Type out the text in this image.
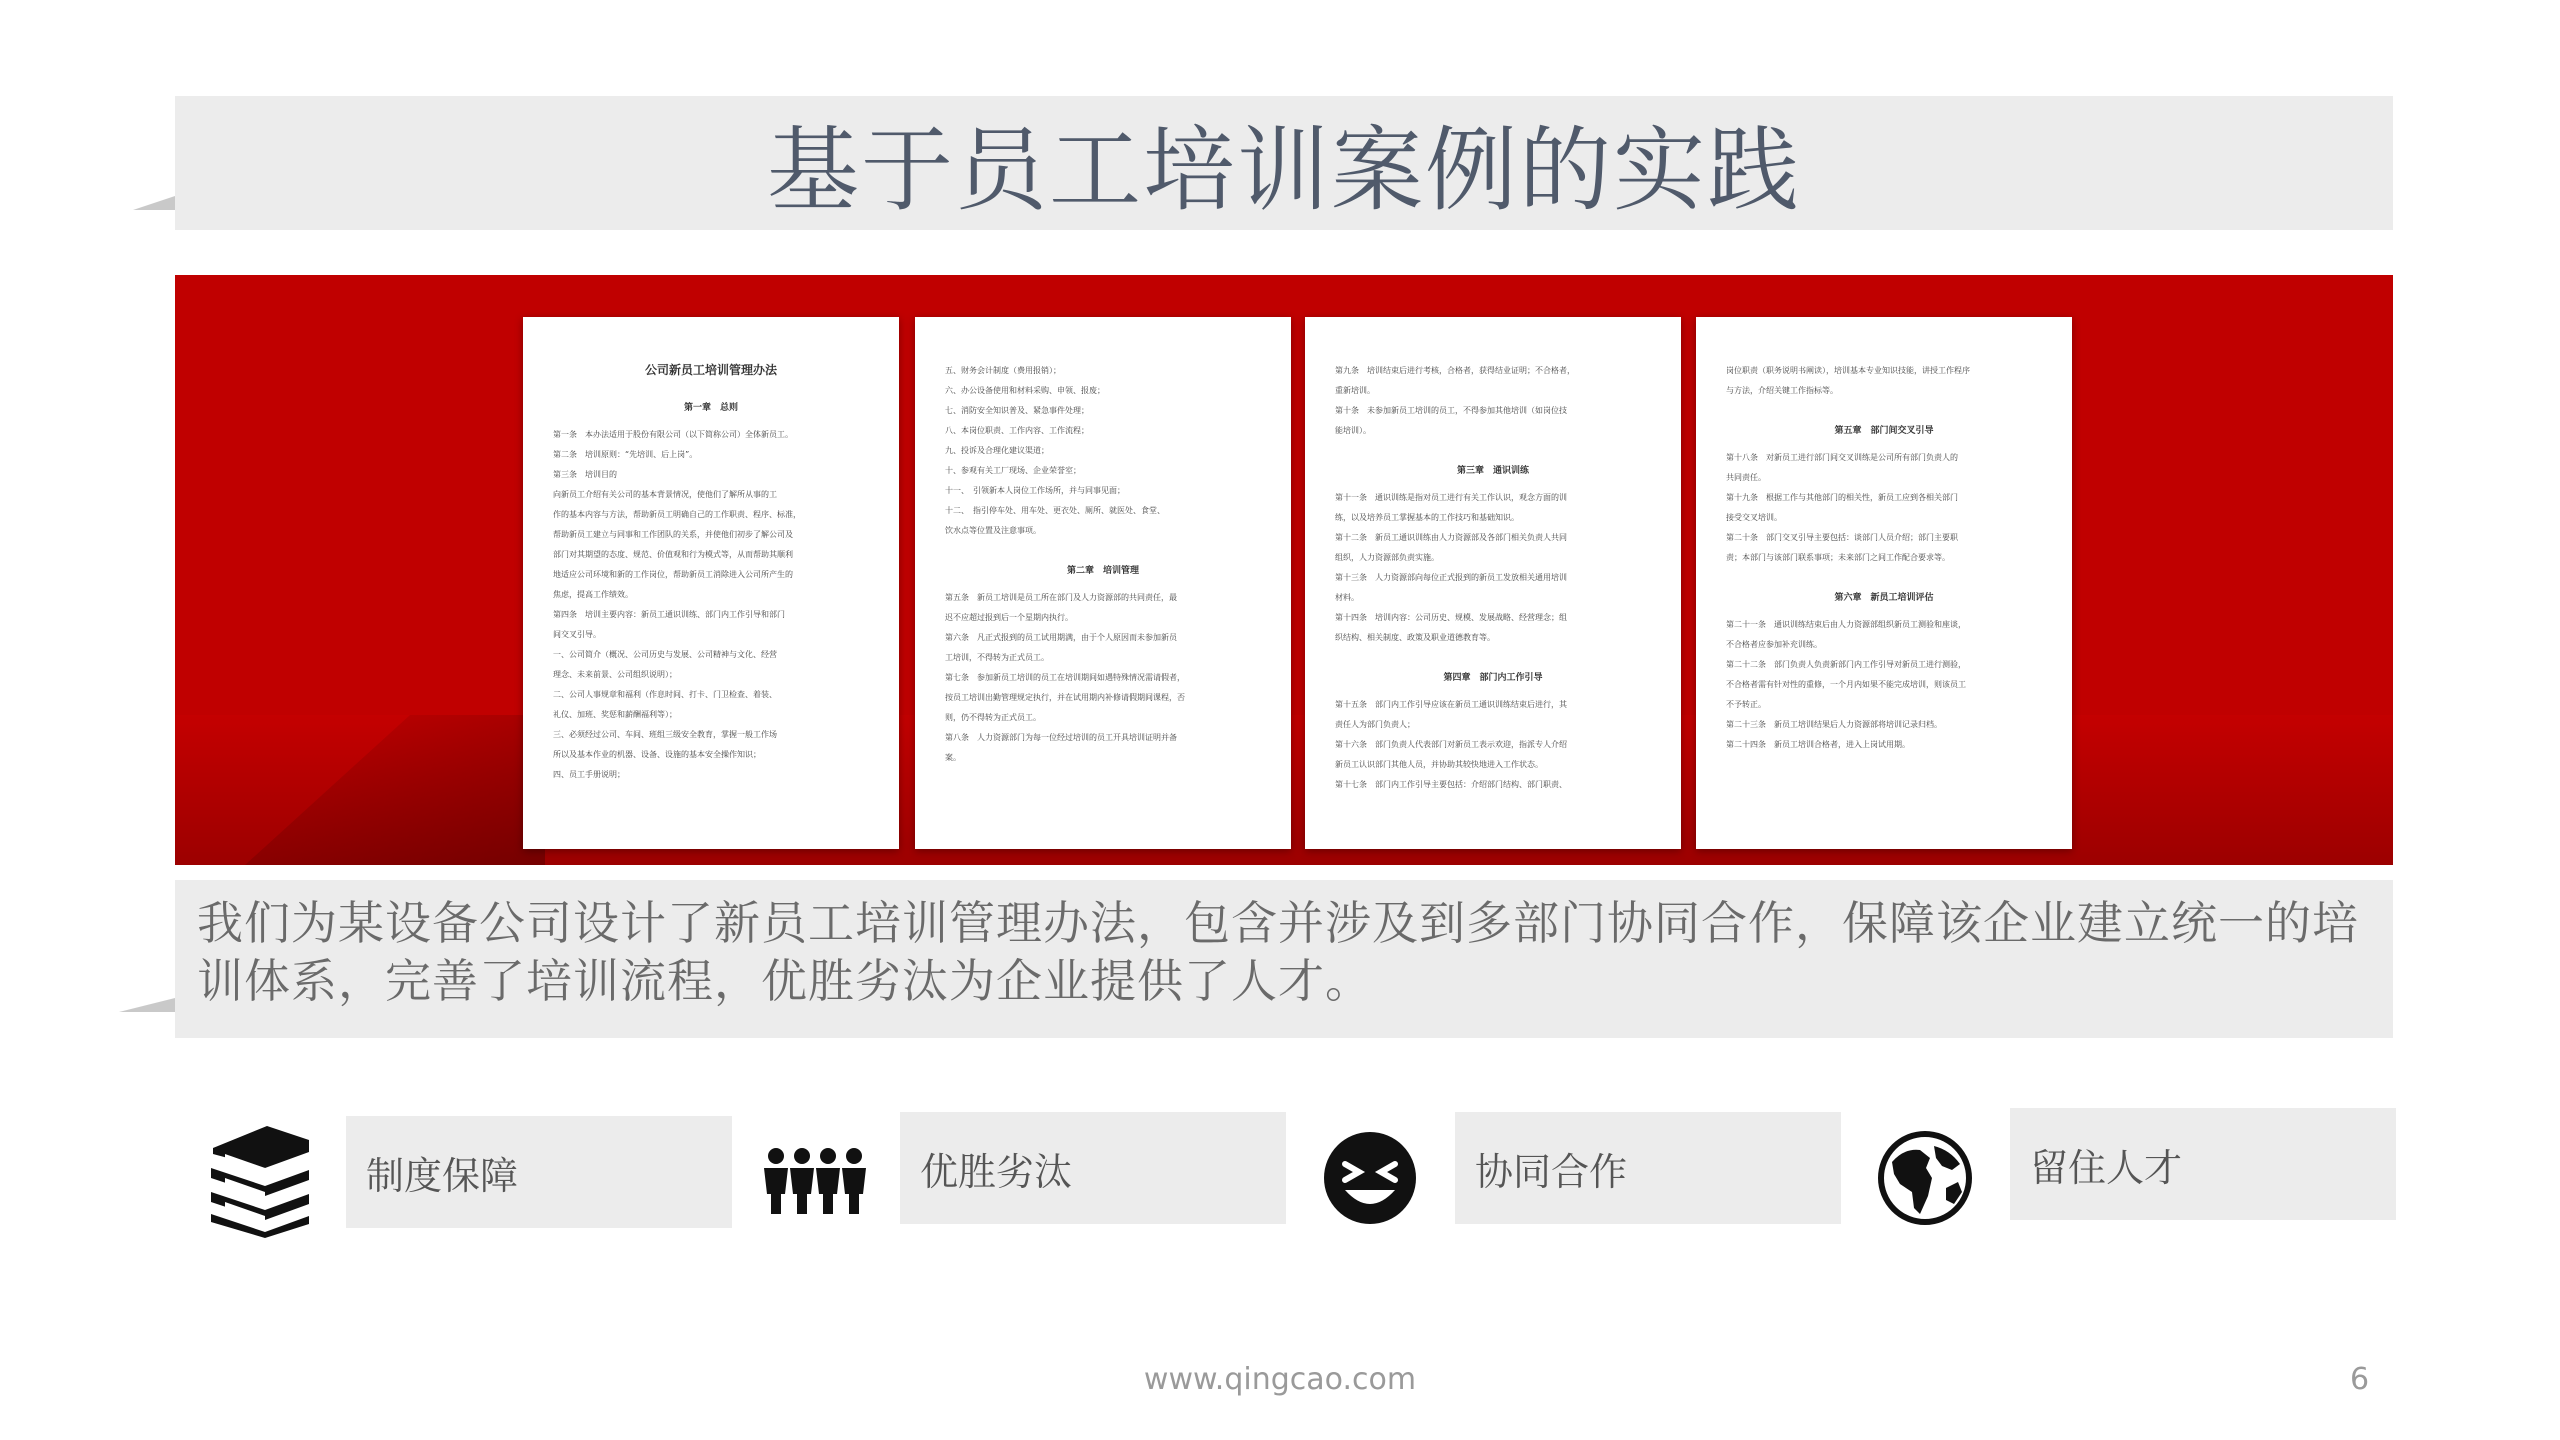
基于员工培训案例的实践
公司新员工培训管理办法
第一章　总则
第一条　本办法适用于股份有限公司（以下简称公司）全体新员工。
第二条　培训原则：“先培训、后上岗”。
第三条　培训目的
向新员工介绍有关公司的基本背景情况，使他们了解所从事的工
作的基本内容与方法，帮助新员工明确自己的工作职责、程序、标准，
帮助新员工建立与同事和工作团队的关系，并使他们初步了解公司及
部门对其期望的态度、规范、价值观和行为模式等，从而帮助其顺利
地适应公司环境和新的工作岗位，帮助新员工消除进入公司所产生的
焦虑，提高工作绩效。
第四条　培训主要内容：新员工通识训练、部门内工作引导和部门
间交叉引导。
一、公司简介（概况、公司历史与发展、公司精神与文化、经营
理念、未来前景、公司组织说明）；
二、公司人事规章和福利（作息时间、打卡、门卫检查、着装、
礼仪、加班、奖惩和薪酬福利等）；
三、必须经过公司、车间、班组三级安全教育，掌握一般工作场
所以及基本作业的机器、设备、设施的基本安全操作知识；
四、员工手册说明；
五、财务会计制度（费用报销）；
六、办公设备使用和材料采购、申领、报废；
七、消防安全知识普及、紧急事件处理；
八、本岗位职责、工作内容、工作流程；
九、投诉及合理化建议渠道；
十、参观有关工厂现场、企业荣誉室；
十一、　引领新本人岗位工作场所，并与同事见面；
十二、　指引停车处、用车处、更衣处、厕所、就医处、食堂、
饮水点等位置及注意事项。
第二章　培训管理
第五条　新员工培训是员工所在部门及人力资源部的共同责任，最
迟不应超过报到后一个星期内执行。
第六条　凡正式报到的员工试用期满，由于个人原因而未参加新员
工培训，不得转为正式员工。
第七条　参加新员工培训的员工在培训期间如遇特殊情况需请假者，
按员工培训出勤管理规定执行，并在试用期内补修请假期间课程，否
则，仍不得转为正式员工。
第八条　人力资源部门为每一位经过培训的员工开具培训证明并备
案。
第九条　培训结束后进行考核，合格者，获得结业证明；不合格者，
重新培训。
第十条　未参加新员工培训的员工，不得参加其他培训（如岗位技
能培训）。
第三章　通识训练
第十一条　通识训练是指对员工进行有关工作认识，观念方面的训
练，以及培养员工掌握基本的工作技巧和基础知识。
第十二条　新员工通识训练由人力资源部及各部门相关负责人共同
组织，人力资源部负责实施。
第十三条　人力资源部向每位正式报到的新员工发放相关通用培训
材料。
第十四条　培训内容：公司历史、规模、发展战略、经营理念；组
织结构、相关制度、政策及职业道德教育等。
第四章　部门内工作引导
第十五条　部门内工作引导应该在新员工通识训练结束后进行，其
责任人为部门负责人；
第十六条　部门负责人代表部门对新员工表示欢迎，指派专人介绍
新员工认识部门其他人员，并协助其较快地进入工作状态。
第十七条　部门内工作引导主要包括：介绍部门结构、部门职责、
岗位职责（职务说明书阐读），培训基本专业知识技能，讲授工作程序
与方法，介绍关键工作指标等。
第五章　部门间交叉引导
第十八条　对新员工进行部门间交叉训练是公司所有部门负责人的
共同责任。
第十九条　根据工作与其他部门的相关性，新员工应到各相关部门
接受交叉培训。
第二十条　部门交叉引导主要包括：谈部门人员介绍；部门主要职
责；本部门与该部门联系事项；未来部门之间工作配合要求等。
第六章　新员工培训评估
第二十一条　通识训练结束后由人力资源部组织新员工测验和座谈，
不合格者应参加补充训练。
第二十二条　部门负责人负责新部门内工作引导对新员工进行测验，
不合格者需有针对性的重修，一个月内如果不能完成培训，则该员工
不予转正。
第二十三条　新员工培训结果后人力资源部将培训记录归档。
第二十四条　新员工培训合格者，进入上岗试用期。

我们为某设备公司设计了新员工培训管理办法，包含并涉及到多部门协同合作，保障该企业建立统一的培训体系，完善了培训流程，优胜劣汰为企业提供了人才。

制度保障	优胜劣汰	协同合作	留住人才
www.qingcao.com	6
